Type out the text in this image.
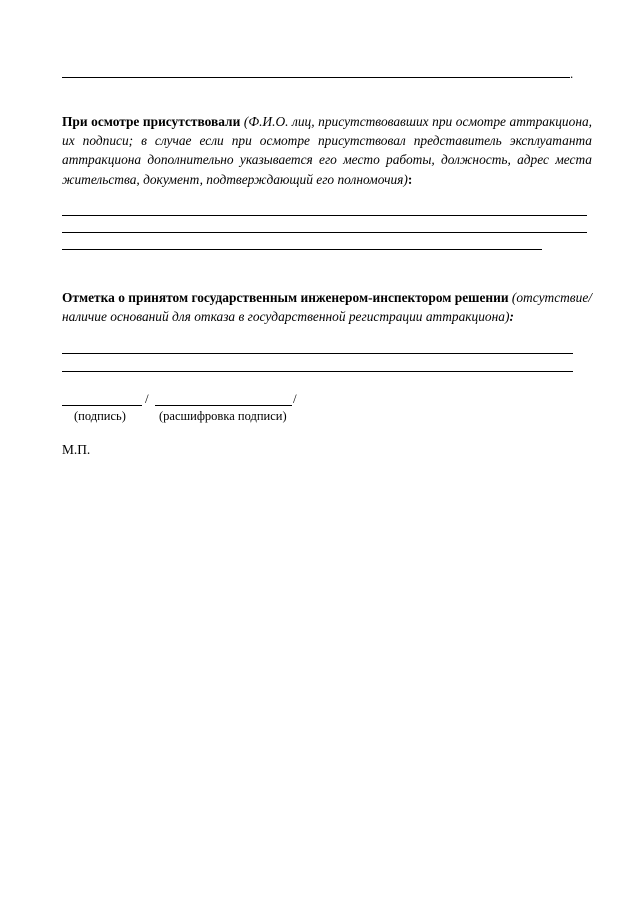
.

При осмотре присутствовали (Ф.И.О. лиц, присутствовавших при осмотре аттракциона, их подписи; в случае если при осмотре присутствовал представитель эксплуатанта аттракциона дополнительно указывается его место работы, должность, адрес места жительства, документ, подтверждающий его полномочия):

Отметка о принятом государственным инженером-инспектором решении (отсутствие/наличие оснований для отказа в государственной регистрации аттракциона):

/	/
(подпись)	(расшифровка подписи)
М.П.
